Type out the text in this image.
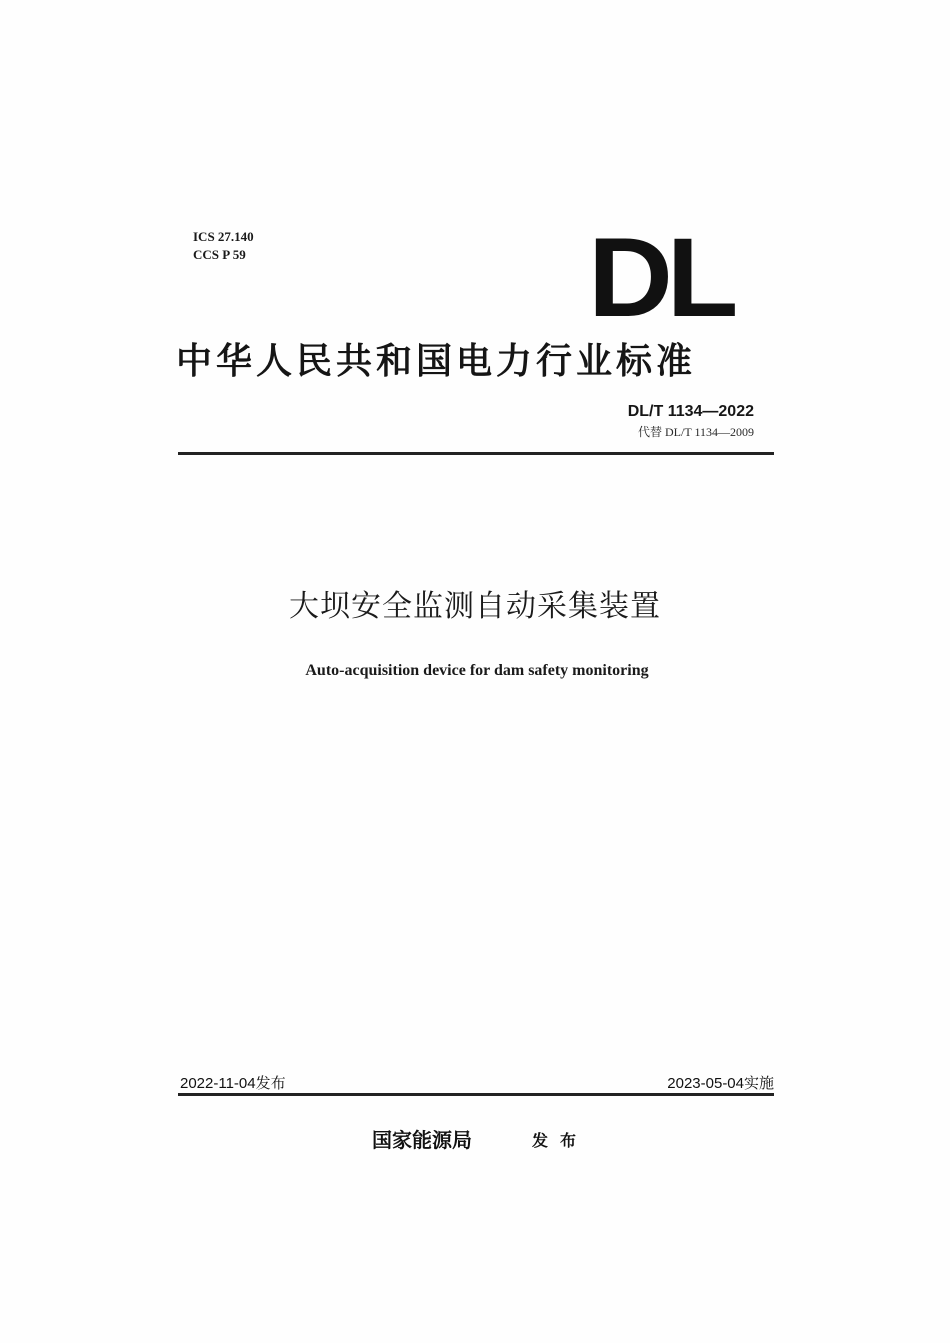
ICS 27.140
CCS P 59	DL
中华人民共和国电力行业标准
DL/T 1134—2022
代替 DL/T 1134—2009
大坝安全监测自动采集装置
Auto-acquisition device for dam safety monitoring
2022-11-04发布	2023-05-04实施
国家能源局	发布
